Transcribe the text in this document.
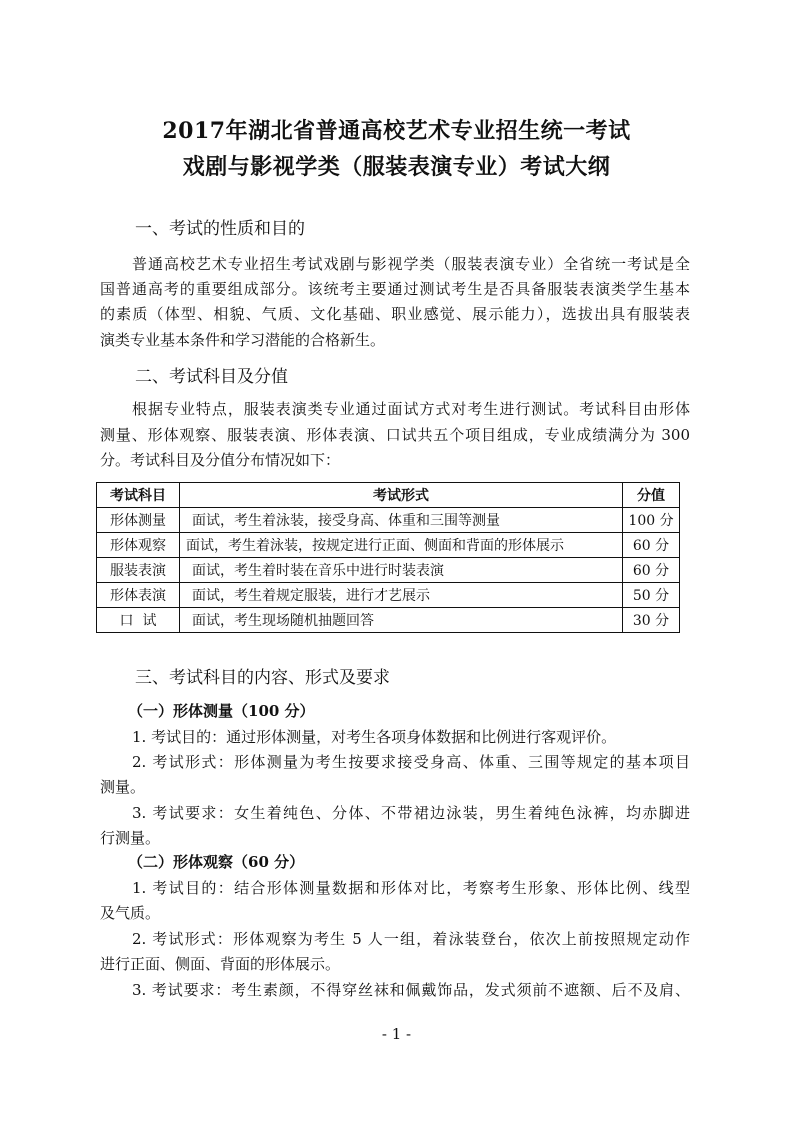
2017年湖北省普通高校艺术专业招生统一考试
戏剧与影视学类（服装表演专业）考试大纲
一、考试的性质和目的
普通高校艺术专业招生考试戏剧与影视学类（服装表演专业）全省统一考试是全
国普通高考的重要组成部分。该统考主要通过测试考生是否具备服装表演类学生基本
的素质（体型、相貌、气质、文化基础、职业感觉、展示能力），选拔出具有服装表
演类专业基本条件和学习潜能的合格新生。
二、考试科目及分值
根据专业特点，服装表演类专业通过面试方式对考生进行测试。考试科目由形体
测量、形体观察、服装表演、形体表演、口试共五个项目组成，专业成绩满分为 300
分。考试科目及分值分布情况如下：
考试科目	考试形式	分值
形体测量	面试，考生着泳装，接受身高、体重和三围等测量	100 分
形体观察	面试，考生着泳装，按规定进行正面、侧面和背面的形体展示	60 分
服装表演	面试，考生着时装在音乐中进行时装表演	60 分
形体表演	面试，考生着规定服装，进行才艺展示	50 分
口  试	面试，考生现场随机抽题回答	30 分
三、考试科目的内容、形式及要求
（一）形体测量（100 分）
1. 考试目的：通过形体测量，对考生各项身体数据和比例进行客观评价。
2. 考试形式：形体测量为考生按要求接受身高、体重、三围等规定的基本项目
测量。
3. 考试要求：女生着纯色、分体、不带裙边泳装，男生着纯色泳裤，均赤脚进
行测量。
（二）形体观察（60 分）
1. 考试目的：结合形体测量数据和形体对比，考察考生形象、形体比例、线型
及气质。
2. 考试形式：形体观察为考生 5 人一组，着泳装登台，依次上前按照规定动作
进行正面、侧面、背面的形体展示。
3. 考试要求：考生素颜，不得穿丝袜和佩戴饰品，发式须前不遮额、后不及肩、
- 1 -
